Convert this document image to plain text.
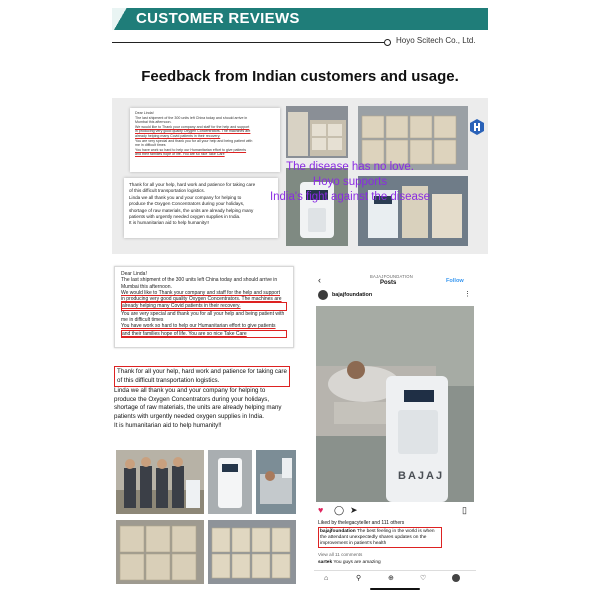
CUSTOMER REVIEWS
Hoyo Scitech Co., Ltd.
Feedback from Indian customers and usage.
Dear Linda!
The last shipment of the 300 units left China today and should arrive in
Mumbai this afternoon.
We would like to Thank your company and staff for the help and support
in producing very good quality Oxygen Concentrators. The machines are
already helping many Covid patients in their recovery.
You are very special and thank you for all your help and being patient with
me in difficult times
You have work so hard to help our Humanitarian effort to give patients
and their families hope of life. You are so nice Take Care
Thank for all your help, hard work and patience for taking care
of this difficult transportation logistics.
Linda we all thank you and your company for helping to
produce the Oxygen Concentrators during your holidays,
shortage of raw materials, the units are already helping many
patients with urgently needed oxygen supplies in India.
It is humanitarian aid to help humanity!!
The disease has no love.
Hoyo supports
India's fight against the disease
Dear Linda!
The last shipment of the 300 units left China today and should arrive in
Mumbai this afternoon.
We would like to Thank your company and staff for the help and support
in producing very good quality Oxygen Concentrators. The machines are
already helping many Covid patients in their recovery.
You are very special and thank you for all your help and being patient with
me in difficult times
You have work so hard to help our Humanitarian effort to give patients
and their families hope of life. You are so nice Take Care
Thank for all your help, hard work and patience for taking care
of this difficult transportation logistics.
Linda we all thank you and your company for helping to
produce the Oxygen Concentrators during your holidays,
shortage of raw materials, the units are already helping many
patients with urgently needed oxygen supplies in India.
It is humanitarian aid to help humanity!!
‹	BAJAJFOUNDATION
Posts	Follow
bajajfoundation	⋮
BAJAJ
♥ ◯ ➤	▯
Liked by thelegacyteller and 111 others
bajajfoundation The best feeling in the world is when the attendant unexpectedly shares updates on the improvement in patient's health
View all 11 comments
sartek You guys are amazing
⌂	⚲	⊕	♡
